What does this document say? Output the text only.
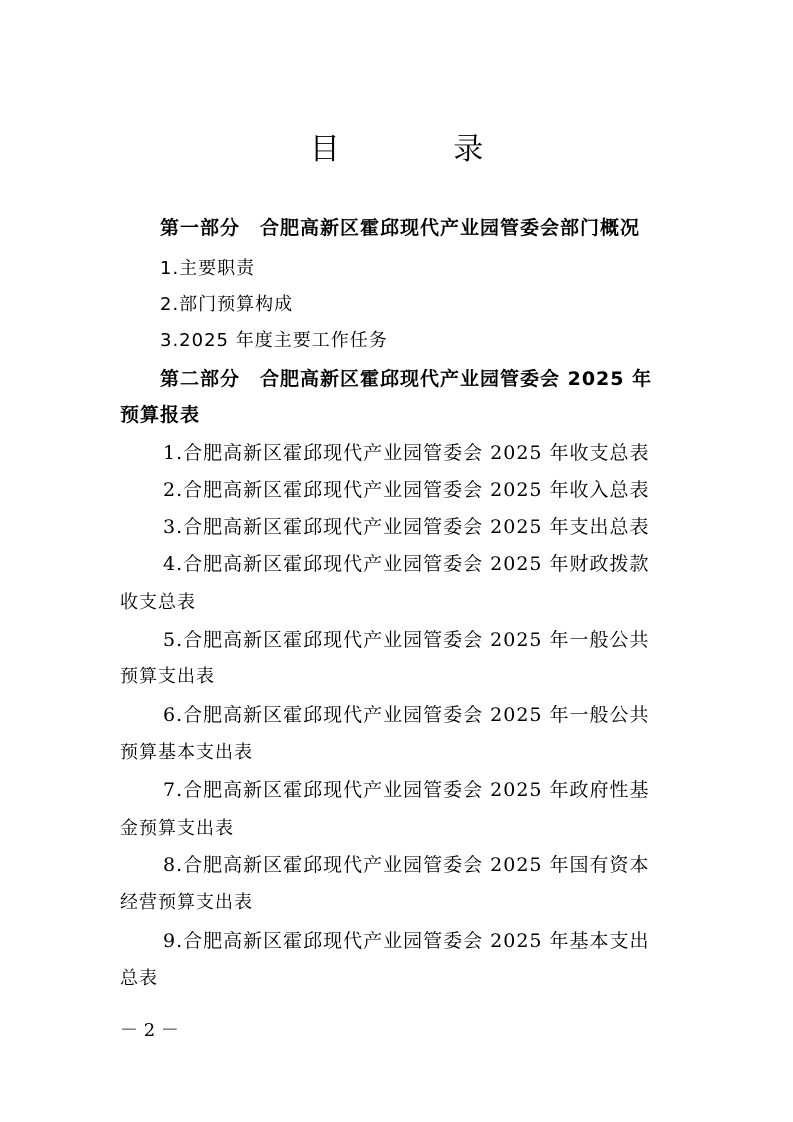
目 录
第一部分　合肥高新区霍邱现代产业园管委会部门概况
1.主要职责
2.部门预算构成
3.2025 年度主要工作任务
第二部分　合肥高新区霍邱现代产业园管委会 2025 年
预算报表
1.合肥高新区霍邱现代产业园管委会 2025 年收支总表
2.合肥高新区霍邱现代产业园管委会 2025 年收入总表
3.合肥高新区霍邱现代产业园管委会 2025 年支出总表
4.合肥高新区霍邱现代产业园管委会 2025 年财政拨款
收支总表
5.合肥高新区霍邱现代产业园管委会 2025 年一般公共
预算支出表
6.合肥高新区霍邱现代产业园管委会 2025 年一般公共
预算基本支出表
7.合肥高新区霍邱现代产业园管委会 2025 年政府性基
金预算支出表
8.合肥高新区霍邱现代产业园管委会 2025 年国有资本
经营预算支出表
9.合肥高新区霍邱现代产业园管委会 2025 年基本支出
总表
－ 2 －
